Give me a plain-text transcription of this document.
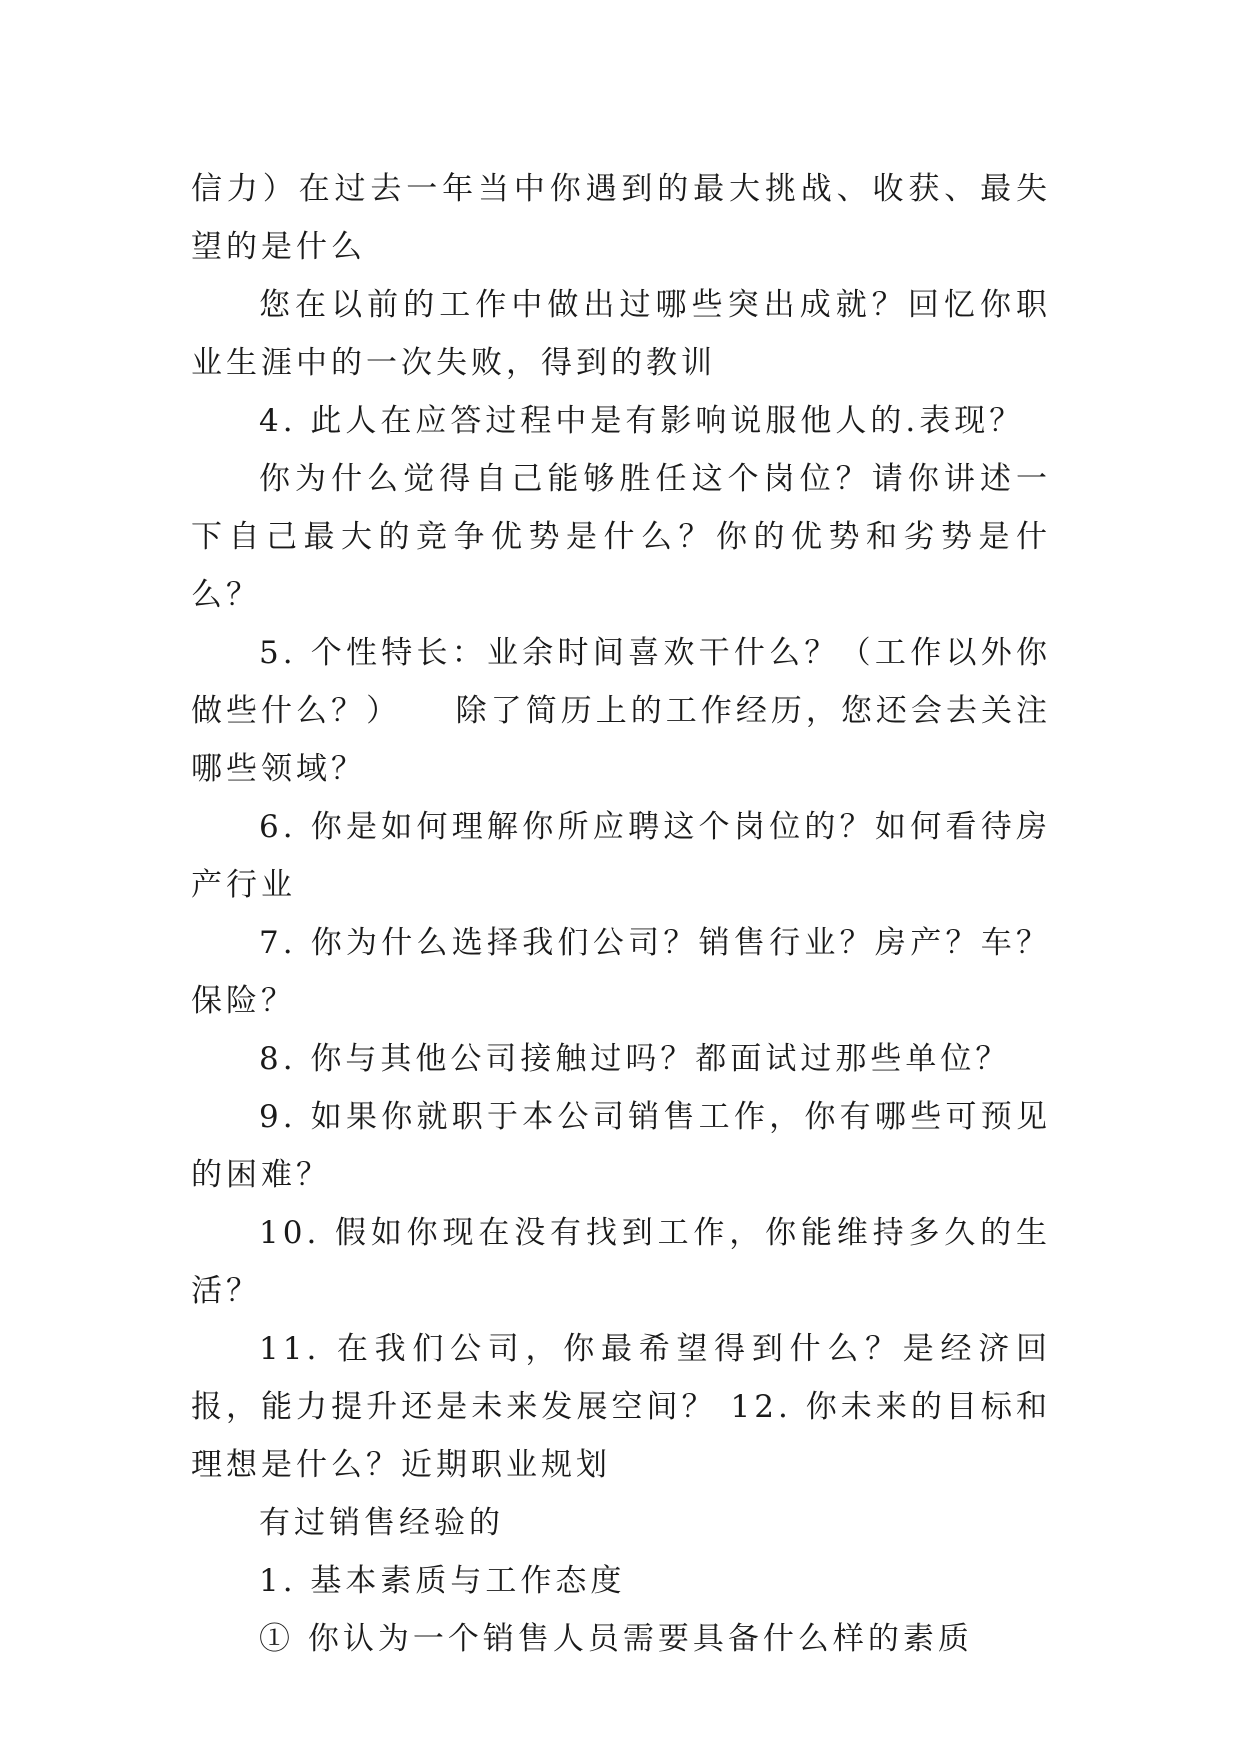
信力）在过去一年当中你遇到的最大挑战、收获、最失望的是什么

您在以前的工作中做出过哪些突出成就？回忆你职业生涯中的一次失败，得到的教训

4. 此人在应答过程中是有影响说服他人的.表现？

你为什么觉得自己能够胜任这个岗位？请你讲述一下自己最大的竞争优势是什么？你的优势和劣势是什么？

5. 个性特长：业余时间喜欢干什么？（工作以外你做些什么？）　　除了简历上的工作经历，您还会去关注哪些领域？

6. 你是如何理解你所应聘这个岗位的？如何看待房产行业

7. 你为什么选择我们公司？销售行业？房产？车？保险？

8. 你与其他公司接触过吗？都面试过那些单位？

9. 如果你就职于本公司销售工作，你有哪些可预见的困难？

10. 假如你现在没有找到工作，你能维持多久的生活？

11. 在我们公司，你最希望得到什么？是经济回报，能力提升还是未来发展空间？ 12. 你未来的目标和理想是什么？近期职业规划

有过销售经验的

1. 基本素质与工作态度

① 你认为一个销售人员需要具备什么样的素质
